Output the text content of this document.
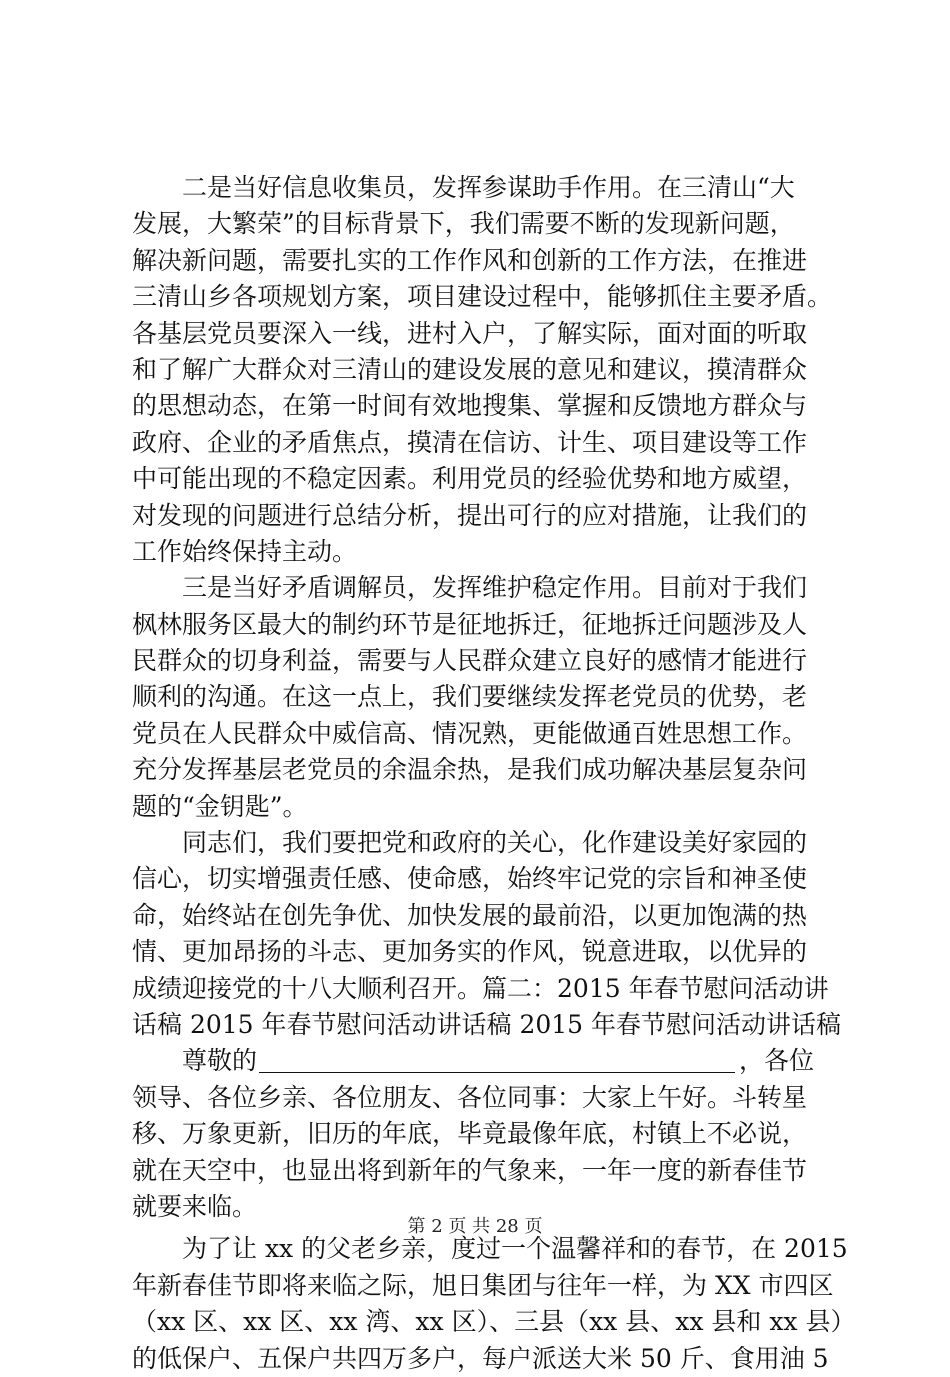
二是当好信息收集员，发挥参谋助手作用。在三清山“大
发展，大繁荣”的目标背景下，我们需要不断的发现新问题，
解决新问题，需要扎实的工作作风和创新的工作方法，在推进
三清山乡各项规划方案，项目建设过程中，能够抓住主要矛盾。
各基层党员要深入一线，进村入户，了解实际，面对面的听取
和了解广大群众对三清山的建设发展的意见和建议，摸清群众
的思想动态，在第一时间有效地搜集、掌握和反馈地方群众与
政府、企业的矛盾焦点，摸清在信访、计生、项目建设等工作
中可能出现的不稳定因素。利用党员的经验优势和地方威望，
对发现的问题进行总结分析，提出可行的应对措施，让我们的
工作始终保持主动。
三是当好矛盾调解员，发挥维护稳定作用。目前对于我们
枫林服务区最大的制约环节是征地拆迁，征地拆迁问题涉及人
民群众的切身利益，需要与人民群众建立良好的感情才能进行
顺利的沟通。在这一点上，我们要继续发挥老党员的优势，老
党员在人民群众中威信高、情况熟，更能做通百姓思想工作。
充分发挥基层老党员的余温余热，是我们成功解决基层复杂问
题的“金钥匙”。
同志们，我们要把党和政府的关心，化作建设美好家园的
信心，切实增强责任感、使命感，始终牢记党的宗旨和神圣使
命，始终站在创先争优、加快发展的最前沿，以更加饱满的热
情、更加昂扬的斗志、更加务实的作风，锐意进取，以优异的
成绩迎接党的十八大顺利召开。篇二：2015 年春节慰问活动讲
话稿 2015 年春节慰问活动讲话稿 2015 年春节慰问活动讲话稿
尊敬的	，各位
领导、各位乡亲、各位朋友、各位同事：大家上午好。斗转星
移、万象更新，旧历的年底，毕竟最像年底，村镇上不必说，
就在天空中，也显出将到新年的气象来，一年一度的新春佳节
就要来临。
为了让 xx 的父老乡亲，度过一个温馨祥和的春节，在 2015
年新春佳节即将来临之际，旭日集团与往年一样，为 XX 市四区
（xx 区、xx 区、xx 湾、xx 区）、三县（xx 县、xx 县和 xx 县）
的低保户、五保户共四万多户，每户派送大米 50 斤、食用油 5
第 2 页 共 28 页
